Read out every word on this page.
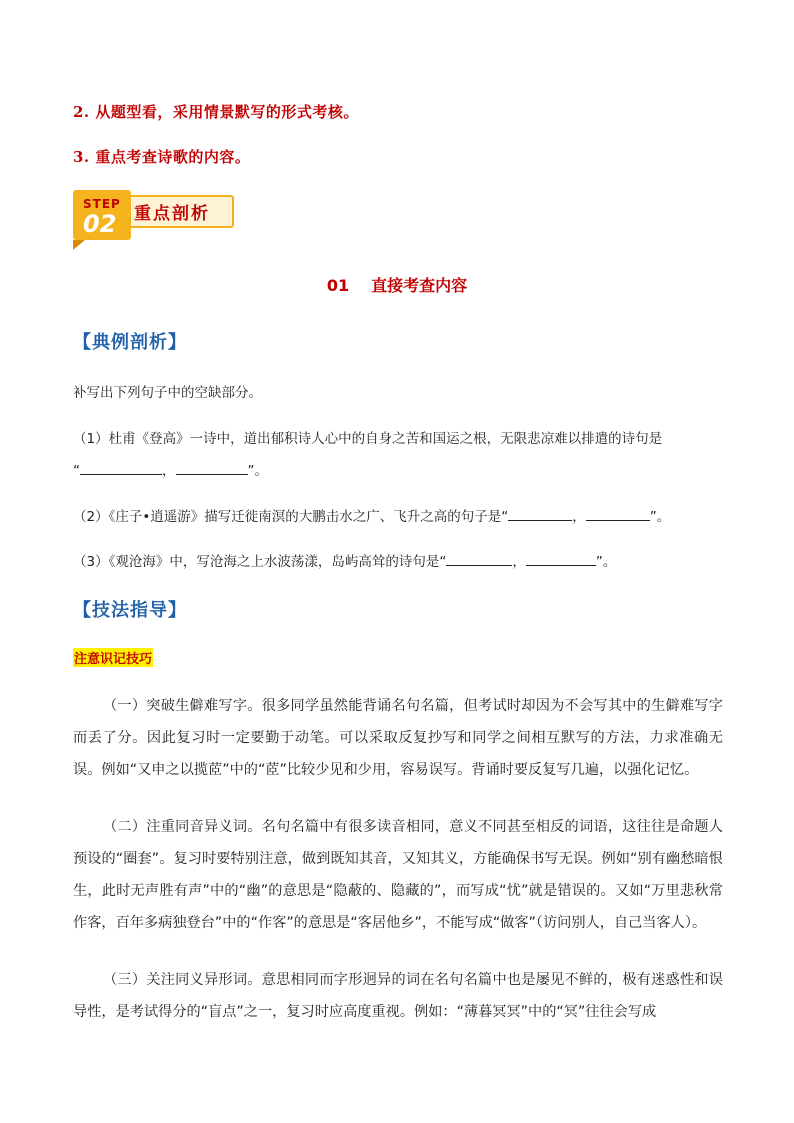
2. 从题型看，采用情景默写的形式考核。
3. 重点考查诗歌的内容。
STEP
02 重点剖析
01 直接考查内容
【典例剖析】
补写出下列句子中的空缺部分。
（1）杜甫《登高》一诗中，道出郁积诗人心中的自身之苦和国运之根，无限悲凉难以排遣的诗句是
“	，	”。
（2）《庄子•逍遥游》描写迁徙南溟的大鹏击水之广、飞升之高的句子是“	，	”。
（3）《观沧海》中，写沧海之上水波荡漾，岛屿高耸的诗句是“	，	”。
【技法指导】
注意识记技巧
（一）突破生僻难写字。很多同学虽然能背诵名句名篇，但考试时却因为不会写其中的生僻难写字而丢了分。因此复习时一定要勤于动笔。可以采取反复抄写和同学之间相互默写的方法，力求准确无误。例如“又申之以揽茝”中的“茝”比较少见和少用，容易误写。背诵时要反复写几遍，以强化记忆。
（二）注重同音异义词。名句名篇中有很多读音相同，意义不同甚至相反的词语，这往往是命题人预设的“圈套”。复习时要特别注意，做到既知其音，又知其义，方能确保书写无误。例如“别有幽愁暗恨生，此时无声胜有声”中的“幽”的意思是“隐蔽的、隐藏的”，而写成“忧”就是错误的。又如“万里悲秋常作客，百年多病独登台”中的“作客”的意思是“客居他乡”，不能写成“做客”（访问别人，自己当客人）。
（三）关注同义异形词。意思相同而字形迥异的词在名句名篇中也是屡见不鲜的，极有迷惑性和误导性，是考试得分的“盲点”之一，复习时应高度重视。例如：“薄暮冥冥”中的“冥”往往会写成
